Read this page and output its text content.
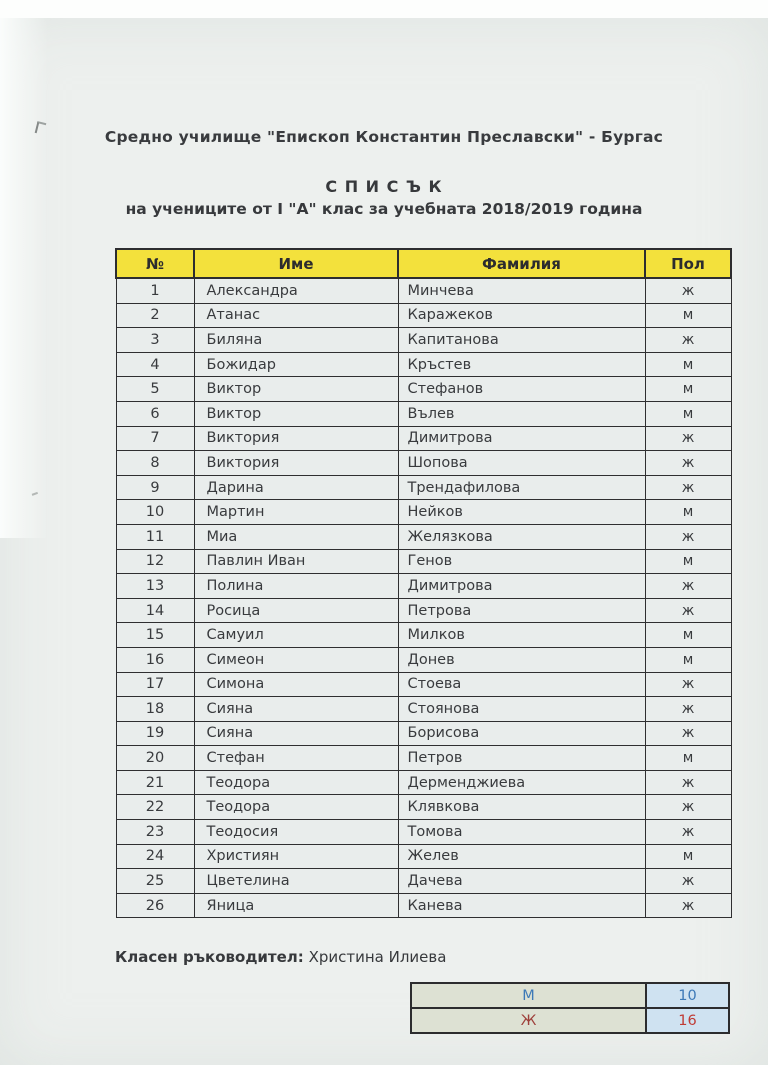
Средно училище "Епископ Константин Преславски" - Бургас
С П И С Ъ К
на учениците от I "А" клас за учебната 2018/2019 година
№	Име	Фамилия	Пол
1	Александра	Минчева	ж
2	Атанас	Каражеков	м
3	Биляна	Капитанова	ж
4	Божидар	Кръстев	м
5	Виктор	Стефанов	м
6	Виктор	Вълев	м
7	Виктория	Димитрова	ж
8	Виктория	Шопова	ж
9	Дарина	Трендафилова	ж
10	Мартин	Нейков	м
11	Миа	Желязкова	ж
12	Павлин Иван	Генов	м
13	Полина	Димитрова	ж
14	Росица	Петрова	ж
15	Самуил	Милков	м
16	Симеон	Донев	м
17	Симона	Стоева	ж
18	Сияна	Стоянова	ж
19	Сияна	Борисова	ж
20	Стефан	Петров	м
21	Теодора	Дерменджиева	ж
22	Теодора	Клявкова	ж
23	Теодосия	Томова	ж
24	Християн	Желев	м
25	Цветелина	Дачева	ж
26	Яница	Канева	ж
Класен ръководител: Христина Илиева
М	10
Ж	16
